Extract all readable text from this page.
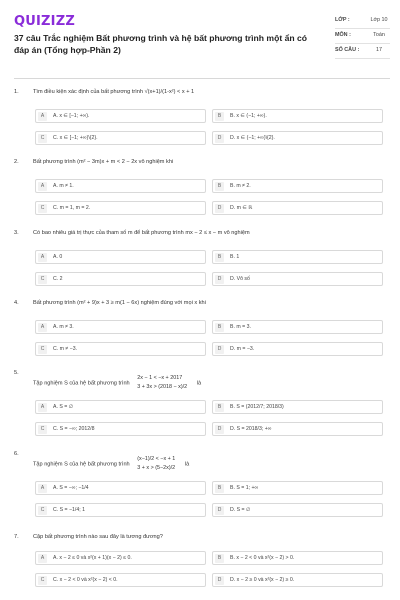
QUIZIZZ
37 câu Trắc nghiệm Bất phương trình và hệ bất phương trình một ẩn có đáp án (Tổng hợp-Phần 2)
LỚP :	Lớp 10
MÔN :	Toán
SỐ CÂU :	17
1.	Tìm điều kiện xác định của bất phương trình √(x+1)/(1-x²) < x + 1
A	A. x ∈ [−1; +∞).	B	B. x ∈ (−1; +∞).
C	C. x ∈ [−1; +∞)\{2}.	D	D. x ∈ (−1; +∞)\{2}.
2.	Bất phương trình (m² − 3m)x + m < 2 − 2x vô nghiệm khi
A	A. m ≠ 1.	B	B. m ≠ 2.
C	C. m = 1, m = 2.	D	D. m ∈ ℝ
3.	Có bao nhiêu giá trị thực của tham số m để bất phương trình mx − 2 ≤ x − m vô nghiệm
A	A. 0	B	B. 1
C	C. 2	D	D. Vô số
4.	Bất phương trình (m² + 9)x + 3 ≥ m(1 − 6x) nghiệm đúng với mọi x khi
A	A. m ≠ 3.	B	B. m = 3.
C	C. m ≠ −3.	D	D. m = −3.
5.
Tập nghiệm S của hệ bất phương trình
2x − 1 < −x + 2017
3 + 3x > (2018 − x)/2
là
A	A. S = ∅	B	B. S = (2012/7; 2018/3)
C	C. S = −∞; 2012/8	D	D. S = 2018/3; +∞
6.
Tập nghiệm S của hệ bất phương trình
(x−1)/2 < −x + 1
3 + x > (5−2x)/2
là
A	A. S = −∞; −1/4	B	B. S = 1; +∞
C	C. S = −1/4; 1	D	D. S = ∅
7.	Cặp bất phương trình nào sau đây là tương đương?
A	A. x − 2 ≤ 0 và x²(x + 1)(x − 2) ≤ 0.	B	B. x − 2 < 0 và x²(x − 2) > 0.
C	C. x − 2 < 0 và x²(x − 2) < 0.	D	D. x − 2 ≥ 0 và x²(x − 2) ≥ 0.
